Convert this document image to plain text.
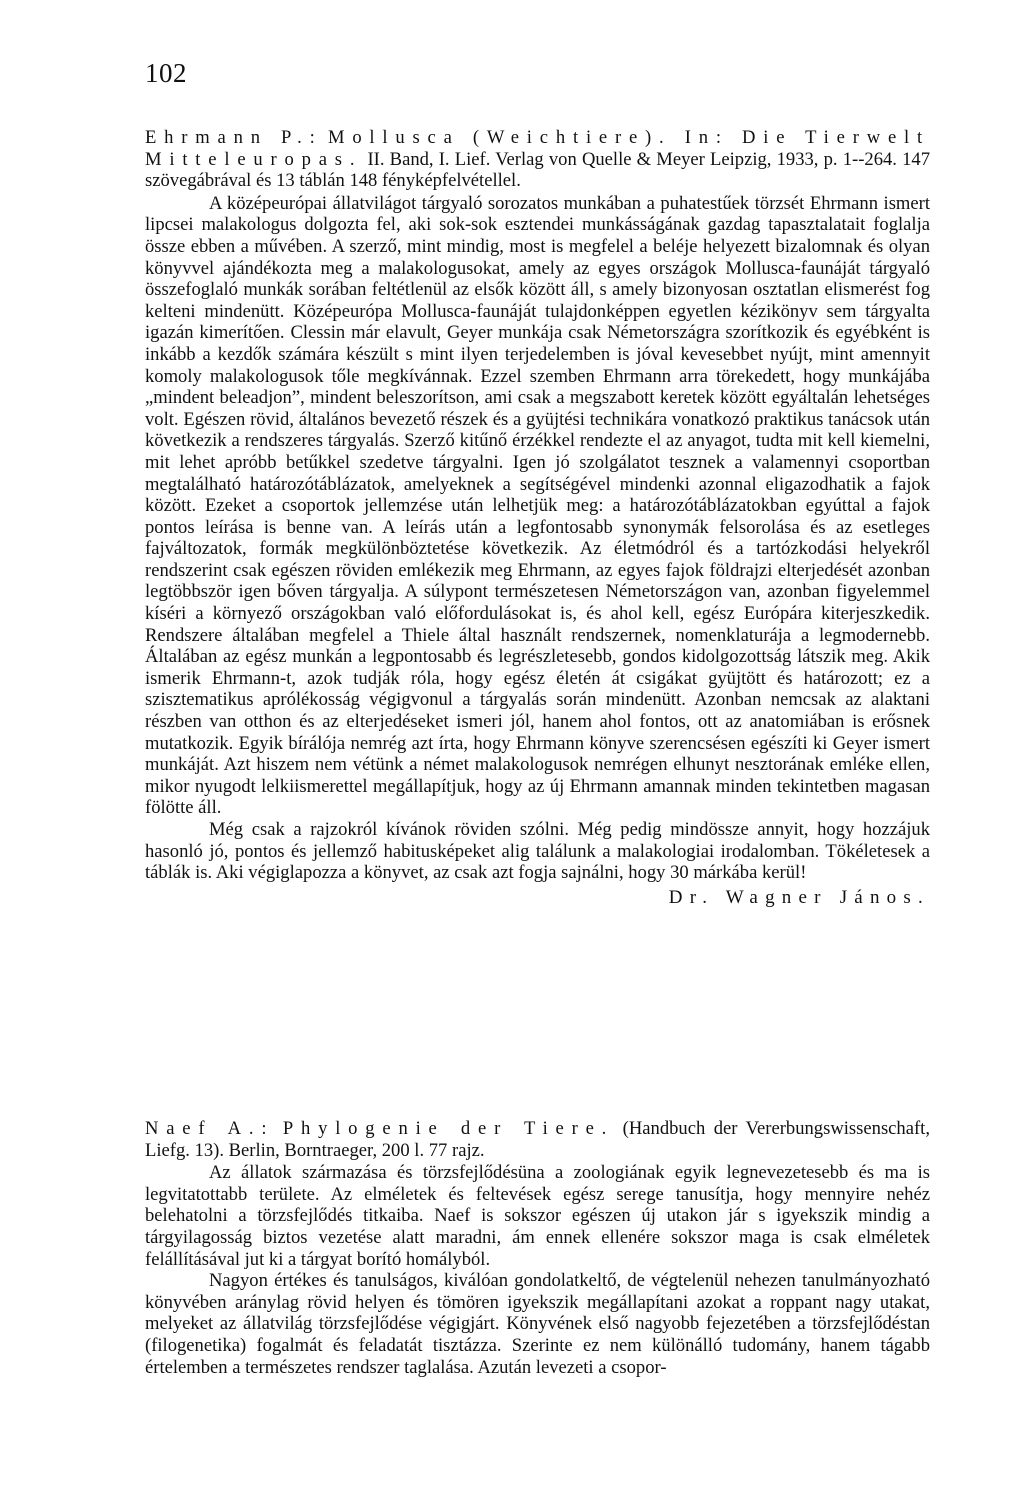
102

Ehrmann P.: Mollusca (Weichtiere). In: Die Tierwelt Mitteleuropas. II. Band, I. Lief. Verlag von Quelle & Meyer Leipzig, 1933, p. 1--264. 147 szövegábrával és 13 táblán 148 fényképfelvétellel.

A középeurópai állatvilágot tárgyaló sorozatos munkában a puhatestűek törzsét Ehrmann ismert lipcsei malakologus dolgozta fel, aki sok-sok esztendei munkásságának gazdag tapasztalatait foglalja össze ebben a művében. A szerző, mint mindig, most is megfelel a beléje helyezett bizalomnak és olyan könyvvel ajándékozta meg a malakologusokat, amely az egyes országok Mollusca-faunáját tárgyaló összefoglaló munkák sorában feltétlenül az elsők között áll, s amely bizonyosan osztatlan elismerést fog kelteni mindenütt. Középeurópa Mollusca-faunáját tulajdonképpen egyetlen kézikönyv sem tárgyalta igazán kimerítően. Clessin már elavult, Geyer munkája csak Németországra szorítkozik és egyébként is inkább a kezdők számára készült s mint ilyen terjedelemben is jóval kevesebbet nyújt, mint amennyit komoly malakologusok tőle megkívánnak. Ezzel szemben Ehrmann arra törekedett, hogy munkájába „mindent beleadjon”, mindent beleszorítson, ami csak a megszabott keretek között egyáltalán lehetséges volt. Egészen rövid, általános bevezető részek és a gyüjtési technikára vonatkozó praktikus tanácsok után következik a rendszeres tárgyalás. Szerző kitűnő érzékkel rendezte el az anyagot, tudta mit kell kiemelni, mit lehet apróbb betűkkel szedetve tárgyalni. Igen jó szolgálatot tesznek a valamennyi csoportban megtalálható határozótáblázatok, amelyeknek a segítségével mindenki azonnal eligazodhatik a fajok között. Ezeket a csoportok jellemzése után lelhetjük meg: a határozótáblázatokban egyúttal a fajok pontos leírása is benne van. A leírás után a legfontosabb synonymák felsorolása és az esetleges fajváltozatok, formák megkülönböztetése következik. Az életmódról és a tartózkodási helyekről rendszerint csak egészen röviden emlékezik meg Ehrmann, az egyes fajok földrajzi elterjedését azonban legtöbbször igen bőven tárgyalja. A súlypont természetesen Németországon van, azonban figyelemmel kíséri a környező országokban való előfordulásokat is, és ahol kell, egész Európára kiterjeszkedik. Rendszere általában megfelel a Thiele által használt rendszernek, nomenklaturája a legmodernebb. Általában az egész munkán a legpontosabb és legrészletesebb, gondos kidolgozottság látszik meg. Akik ismerik Ehrmann-t, azok tudják róla, hogy egész életén át csigákat gyüjtött és határozott; ez a szisztematikus aprólékosság végigvonul a tárgyalás során mindenütt. Azonban nemcsak az alaktani részben van otthon és az elterjedéseket ismeri jól, hanem ahol fontos, ott az anatomiában is erősnek mutatkozik. Egyik bírálója nemrég azt írta, hogy Ehrmann könyve szerencsésen egészíti ki Geyer ismert munkáját. Azt hiszem nem vétünk a német malakologusok nemrégen elhunyt nesztorának emléke ellen, mikor nyugodt lelkiismerettel megállapítjuk, hogy az új Ehrmann amannak minden tekintetben magasan fölötte áll.

Még csak a rajzokról kívánok röviden szólni. Még pedig mindössze annyit, hogy hozzájuk hasonló jó, pontos és jellemző habitusképeket alig találunk a malakologiai irodalomban. Tökéletesek a táblák is. Aki végiglapozza a könyvet, az csak azt fogja sajnálni, hogy 30 márkába kerül!

Dr. Wagner János.

Naef A.: Phylogenie der Tiere. (Handbuch der Vererbungswissenschaft, Liefg. 13). Berlin, Borntraeger, 200 l. 77 rajz.

Az állatok származása és törzsfejlődésüna a zoologiának egyik legnevezetesebb és ma is legvitatottabb területe. Az elméletek és feltevések egész serege tanusítja, hogy mennyire nehéz belehatolni a törzsfejlődés titkaiba. Naef is sokszor egészen új utakon jár s igyekszik mindig a tárgyilagosság biztos vezetése alatt maradni, ám ennek ellenére sokszor maga is csak elméletek felállításával jut ki a tárgyat borító homályból.

Nagyon értékes és tanulságos, kiválóan gondolatkeltő, de végtelenül nehezen tanulmányozható könyvében aránylag rövid helyen és tömören igyekszik megállapítani azokat a roppant nagy utakat, melyeket az állatvilág törzsfejlődése végigjárt. Könyvének első nagyobb fejezetében a törzsfejlődéstan (filogenetika) fogalmát és feladatát tisztázza. Szerinte ez nem különálló tudomány, hanem tágabb értelemben a természetes rendszer taglalása. Azután levezeti a csopor-
